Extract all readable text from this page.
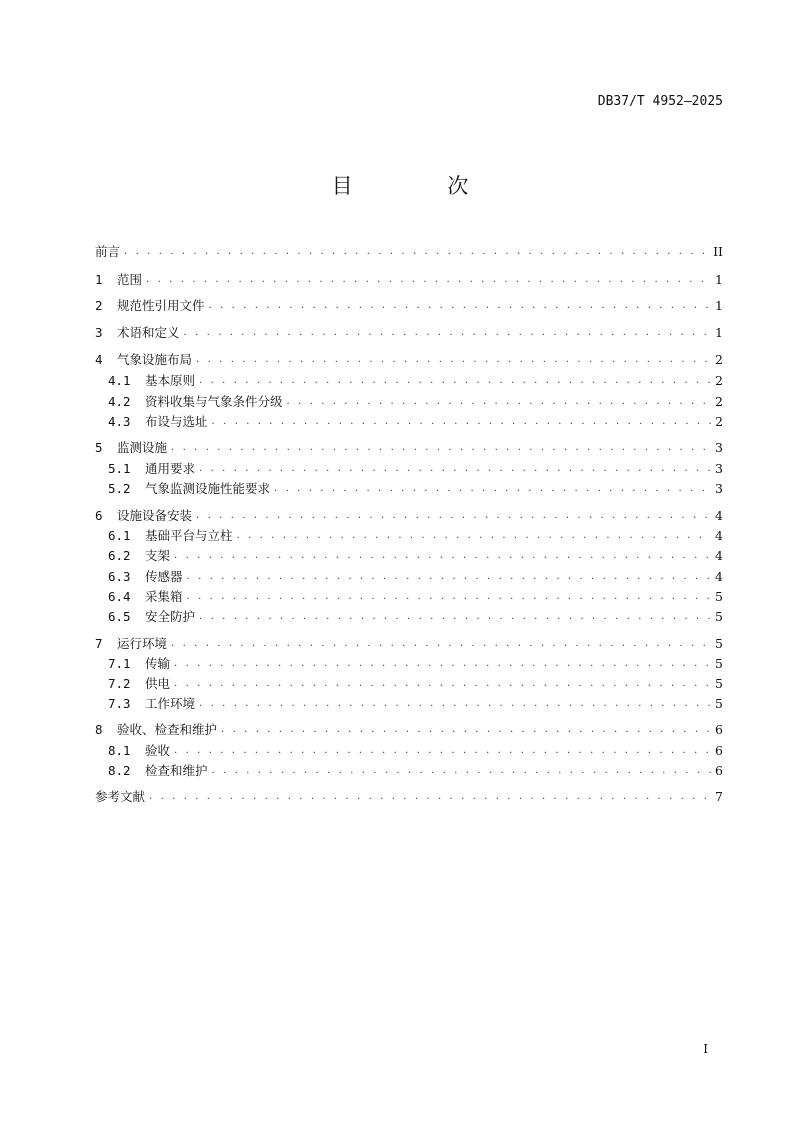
DB37/T 4952—2025
目 次
前言 . . .	II
1	范围 . . .	1
2	规范性引用文件 . . .	1
3	术语和定义 . . .	1
4	气象设施布局 . . .	2
4.1	基本原则 . . .	2
4.2	资料收集与气象条件分级 . . .	2
4.3	布设与选址 . . .	2
5	监测设施 . . .	3
5.1	通用要求 . . .	3
5.2	气象监测设施性能要求 . . .	3
6	设施设备安装 . . .	4
6.1	基础平台与立柱 . . .	4
6.2	支架 . . .	4
6.3	传感器 . . .	4
6.4	采集箱 . . .	5
6.5	安全防护 . . .	5
7	运行环境 . . .	5
7.1	传输 . . .	5
7.2	供电 . . .	5
7.3	工作环境 . . .	5
8	验收、检查和维护 . . .	6
8.1	验收 . . .	6
8.2	检查和维护 . . .	6
参考文献 . . .	7
I
